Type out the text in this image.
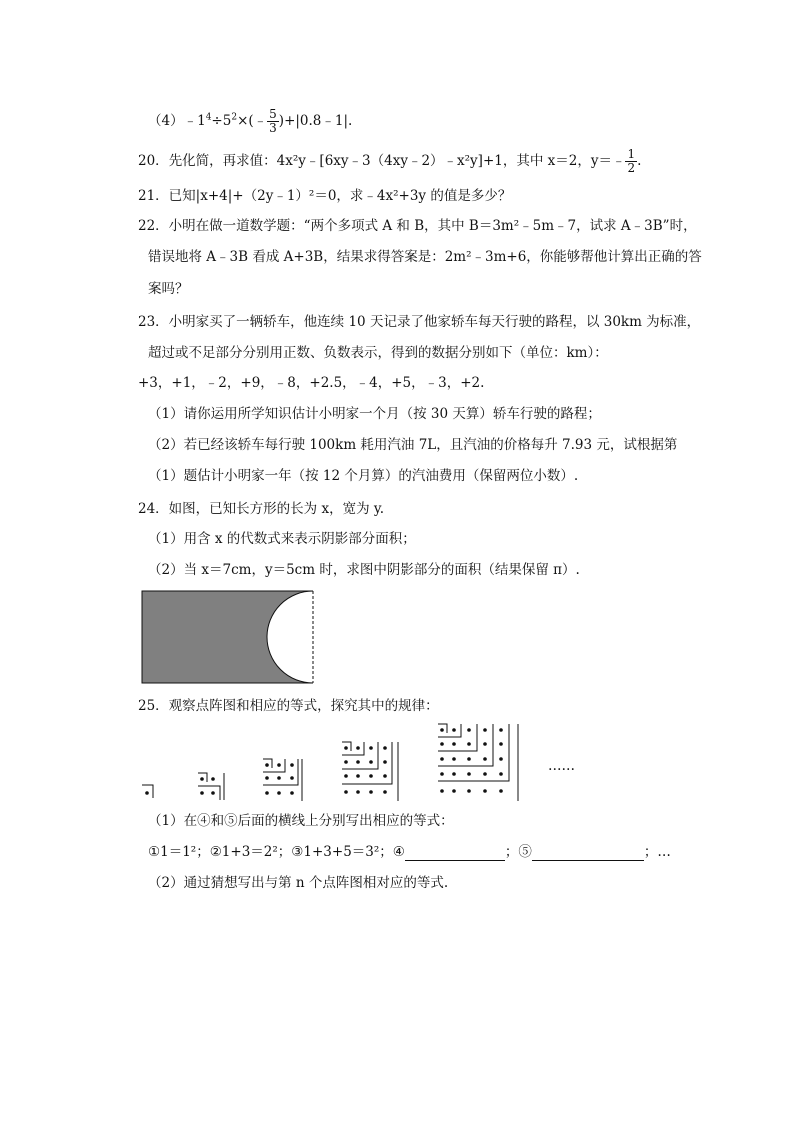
$(4)﹣1^4\div 5^2\times(﹣ \frac{5}{3}$ )+|0.8﹣1|.
20．先化简，再求值：4x²y﹣[6xy﹣3（4xy﹣2）﹣x²y]+1，其中 x＝2，y＝﹣ $\frac{1}{2}$ .
21．已知|x+4|+（2y﹣1）²＝0，求﹣4x²+3y 的值是多少？
22．小明在做一道数学题：“两个多项式 A 和 B，其中 B＝3m²﹣5m﹣7，试求 A﹣3B”时，
错误地将 A﹣3B 看成 A+3B，结果求得答案是：2m²﹣3m+6，你能够帮他计算出正确的答
案吗？
23．小明家买了一辆轿车，他连续 10 天记录了他家轿车每天行驶的路程，以 30km 为标准，
超过或不足部分分别用正数、负数表示，得到的数据分别如下（单位：km）：
+3，+1，﹣2，+9，﹣8，+2.5，﹣4，+5，﹣3，+2.
（1）请你运用所学知识估计小明家一个月（按 30 天算）轿车行驶的路程；
（2）若已经该轿车每行驶 100km 耗用汽油 7L，且汽油的价格每升 7.93 元，试根据第
（1）题估计小明家一年（按 12 个月算）的汽油费用（保留两位小数）.
24．如图，已知长方形的长为 x，宽为 y.
（1）用含 x 的代数式来表示阴影部分面积；
（2）当 x＝7cm，y＝5cm 时，求图中阴影部分的面积（结果保留 π）.
25．观察点阵图和相应的等式，探究其中的规律：
……
（1）在④和⑤后面的横线上分别写出相应的等式：
①1＝1²；②1+3＝2²；③1+3+5＝3²；④	；⑤	；…
（2）通过猜想写出与第 n 个点阵图相对应的等式.
